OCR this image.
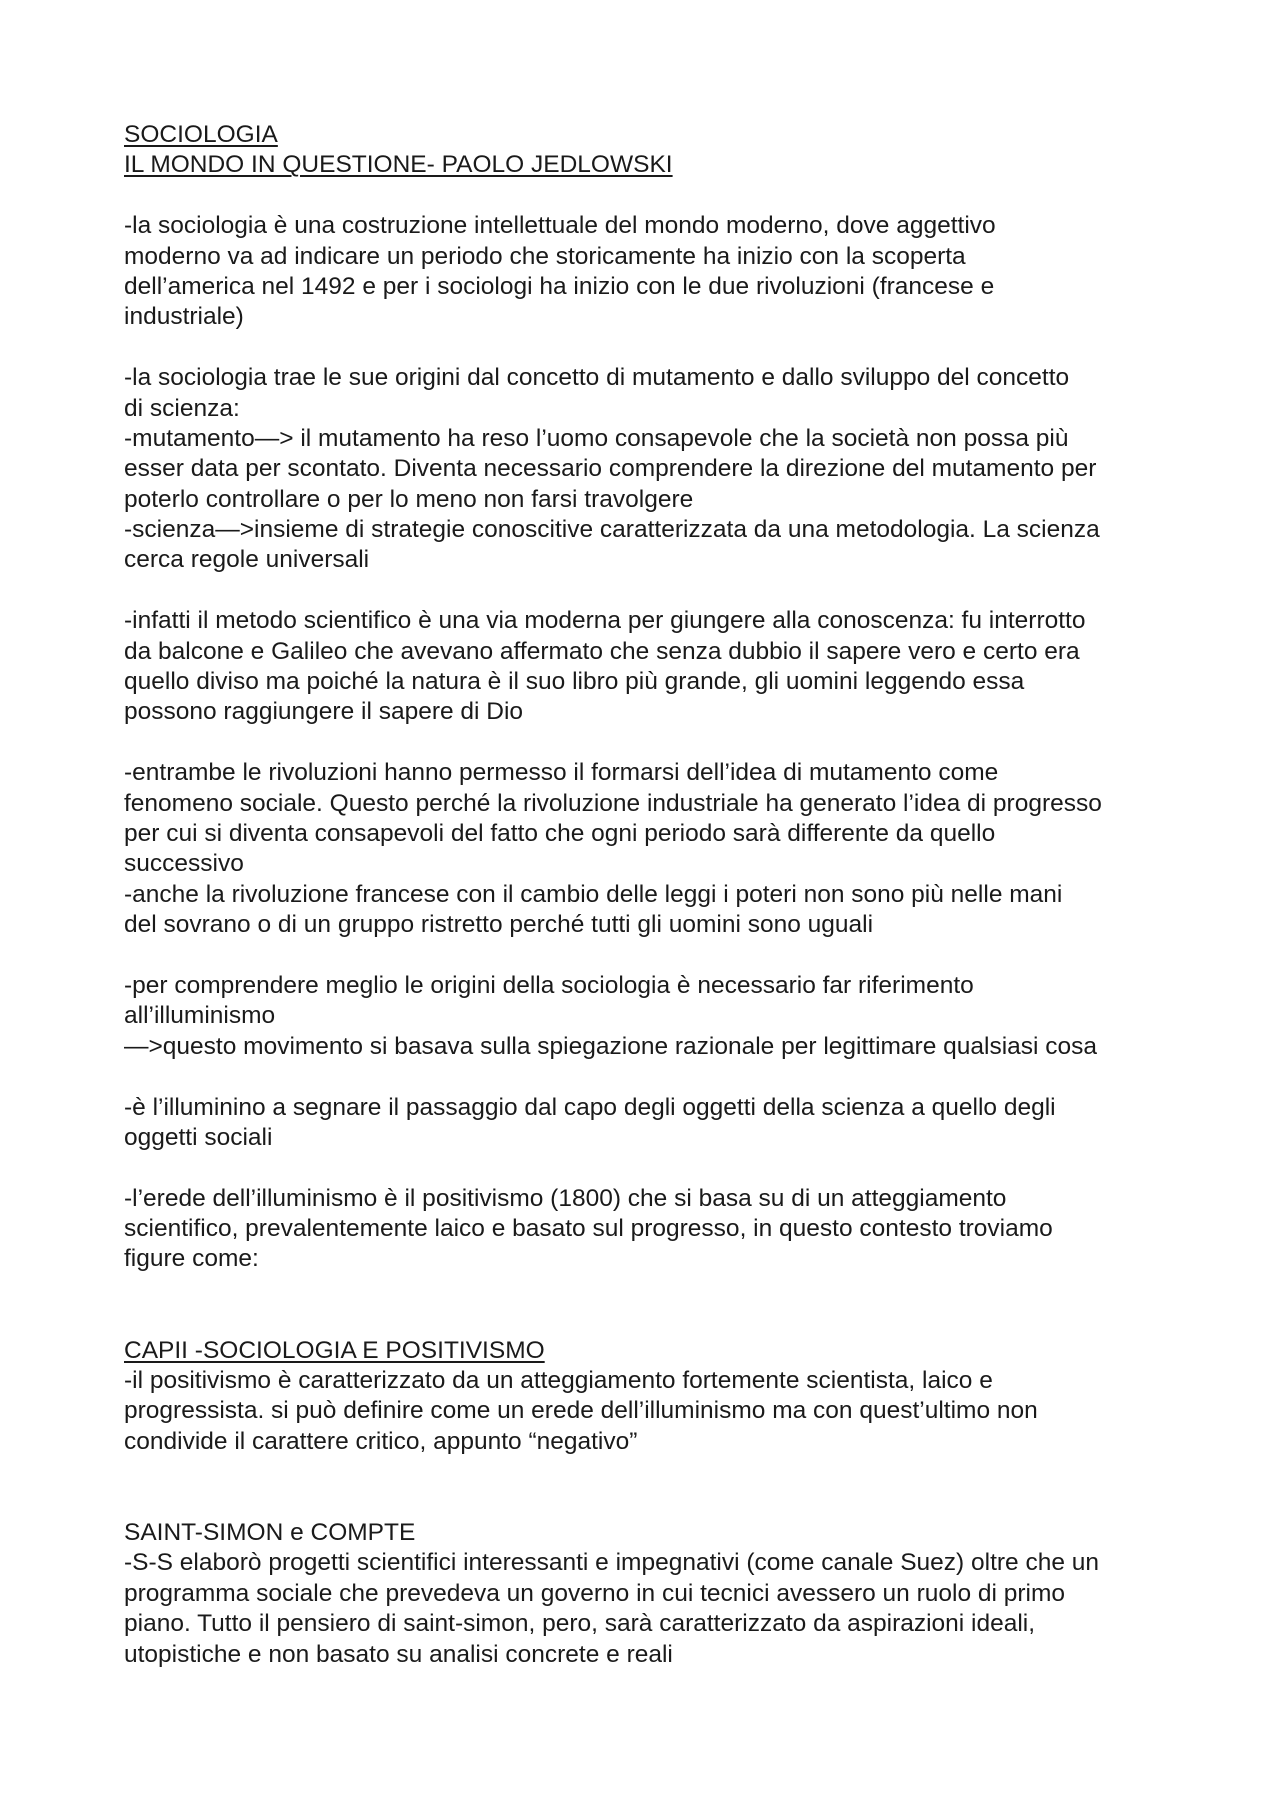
SOCIOLOGIA
IL MONDO IN QUESTIONE- PAOLO JEDLOWSKI
-la sociologia è una costruzione intellettuale del mondo moderno, dove aggettivo
moderno va ad indicare un periodo che storicamente ha inizio con la scoperta
dell’america nel 1492 e per i sociologi ha inizio con le due rivoluzioni (francese e
industriale)
-la sociologia trae le sue origini dal concetto di mutamento e dallo sviluppo del concetto
di scienza:
-mutamento—> il mutamento ha reso l’uomo consapevole che la società non possa più
esser data per scontato. Diventa necessario comprendere la direzione del mutamento per
poterlo controllare o per lo meno non farsi travolgere
-scienza—>insieme di strategie conoscitive caratterizzata da una metodologia. La scienza
cerca regole universali
-infatti il metodo scientifico è una via moderna per giungere alla conoscenza: fu interrotto
da balcone e Galileo che avevano affermato che senza dubbio il sapere vero e certo era
quello diviso ma poiché la natura è il suo libro più grande, gli uomini leggendo essa
possono raggiungere il sapere di Dio
-entrambe le rivoluzioni hanno permesso il formarsi dell’idea di mutamento come
fenomeno sociale. Questo perché la rivoluzione industriale ha generato l’idea di progresso
per cui si diventa consapevoli del fatto che ogni periodo sarà differente da quello
successivo
-anche la rivoluzione francese con il cambio delle leggi i poteri non sono più nelle mani
del sovrano o di un gruppo ristretto perché tutti gli uomini sono uguali
-per comprendere meglio le origini della sociologia è necessario far riferimento
all’illuminismo
—>questo movimento si basava sulla spiegazione razionale per legittimare qualsiasi cosa
-è l’illuminino a segnare il passaggio dal capo degli oggetti della scienza a quello degli
oggetti sociali
-l’erede dell’illuminismo è il positivismo (1800) che si basa su di un atteggiamento
scientifico, prevalentemente laico e basato sul progresso, in questo contesto troviamo
figure come:
CAPII -SOCIOLOGIA E POSITIVISMO
-il positivismo è caratterizzato da un atteggiamento fortemente scientista, laico e
progressista. si può definire come un erede dell’illuminismo ma con quest’ultimo non
condivide il carattere critico, appunto “negativo”
SAINT-SIMON e COMPTE
-S-S elaborò progetti scientifici interessanti e impegnativi (come canale Suez) oltre che un
programma sociale che prevedeva un governo in cui tecnici avessero un ruolo di primo
piano. Tutto il pensiero di saint-simon, pero, sarà caratterizzato da aspirazioni ideali,
utopistiche e non basato su analisi concrete e reali
